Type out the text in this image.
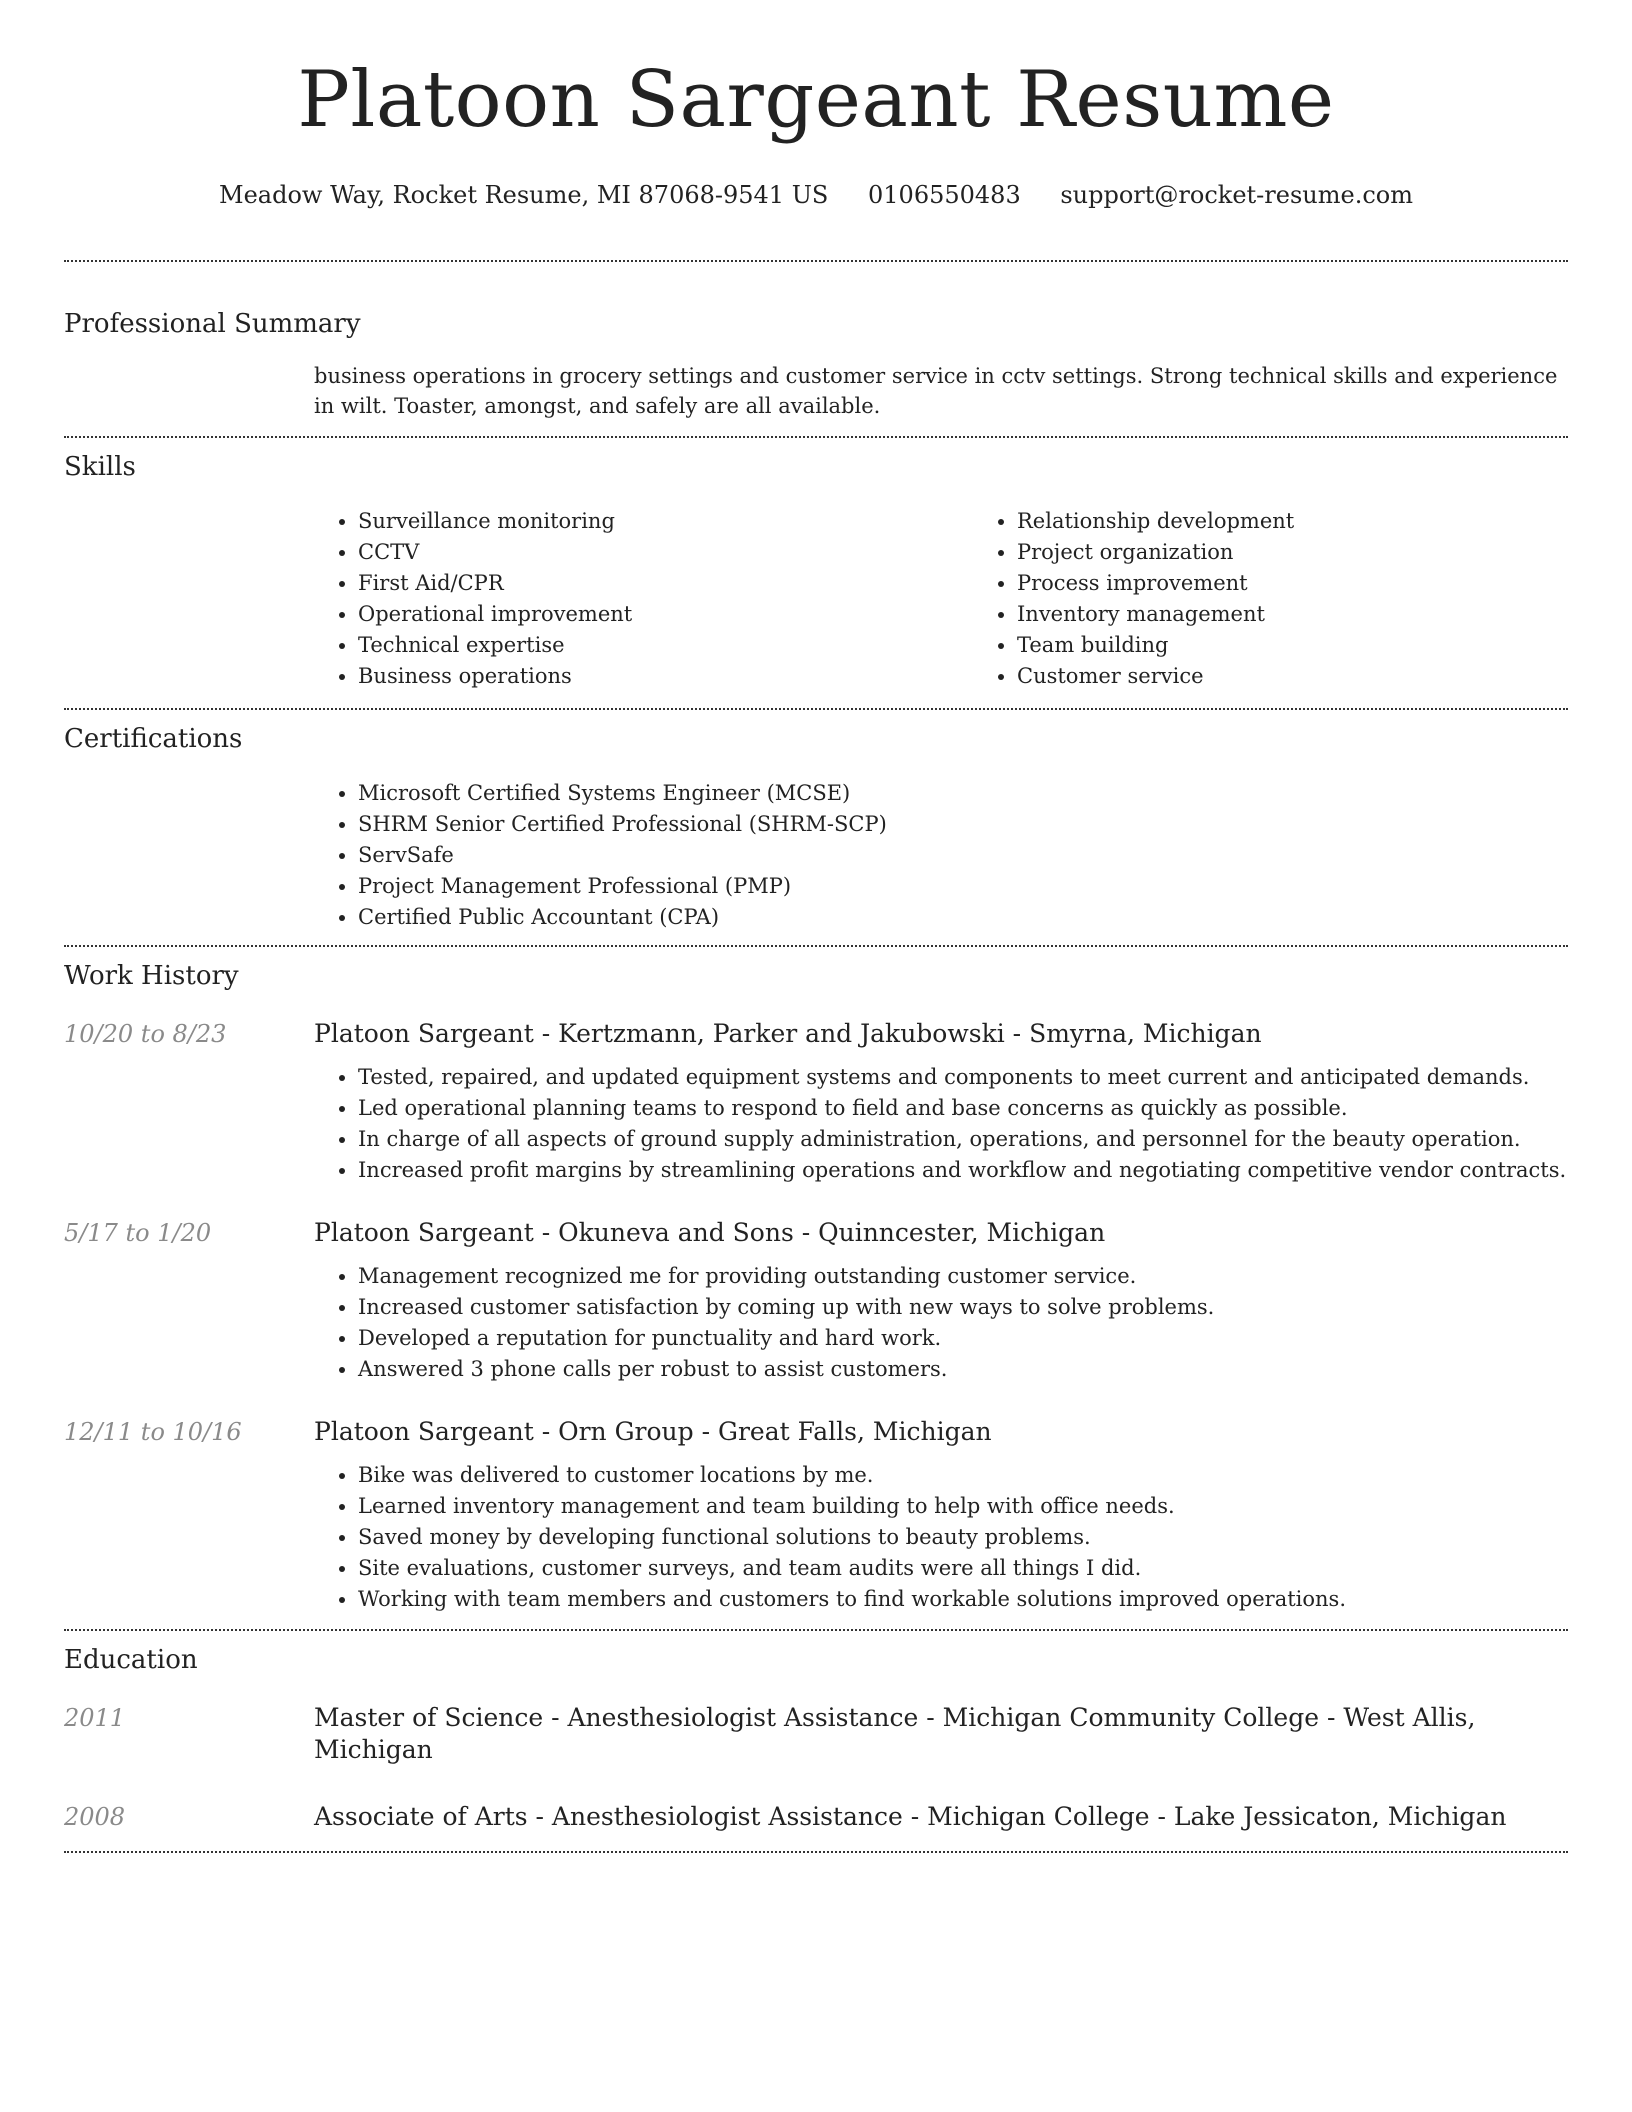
Platoon Sargeant Resume
Meadow Way, Rocket Resume, MI 87068-9541 US 0106550483 support@rocket-resume.com
Professional Summary
business operations in grocery settings and customer service in cctv settings. Strong technical skills and experience in wilt. Toaster, amongst, and safely are all available.
Skills
• Surveillance monitoring
• CCTV
• First Aid/CPR
• Operational improvement
• Technical expertise
• Business operations
• Relationship development
• Project organization
• Process improvement
• Inventory management
• Team building
• Customer service
Certifications
• Microsoft Certified Systems Engineer (MCSE)
• SHRM Senior Certified Professional (SHRM-SCP)
• ServSafe
• Project Management Professional (PMP)
• Certified Public Accountant (CPA)
Work History
10/20 to 8/23	Platoon Sargeant - Kertzmann, Parker and Jakubowski - Smyrna, Michigan
• Tested, repaired, and updated equipment systems and components to meet current and anticipated demands.
• Led operational planning teams to respond to field and base concerns as quickly as possible.
• In charge of all aspects of ground supply administration, operations, and personnel for the beauty operation.
• Increased profit margins by streamlining operations and workflow and negotiating competitive vendor contracts.
5/17 to 1/20	Platoon Sargeant - Okuneva and Sons - Quinncester, Michigan
• Management recognized me for providing outstanding customer service.
• Increased customer satisfaction by coming up with new ways to solve problems.
• Developed a reputation for punctuality and hard work.
• Answered 3 phone calls per robust to assist customers.
12/11 to 10/16	Platoon Sargeant - Orn Group - Great Falls, Michigan
• Bike was delivered to customer locations by me.
• Learned inventory management and team building to help with office needs.
• Saved money by developing functional solutions to beauty problems.
• Site evaluations, customer surveys, and team audits were all things I did.
• Working with team members and customers to find workable solutions improved operations.
Education
2011	Master of Science - Anesthesiologist Assistance - Michigan Community College - West Allis, Michigan
2008	Associate of Arts - Anesthesiologist Assistance - Michigan College - Lake Jessicaton, Michigan
